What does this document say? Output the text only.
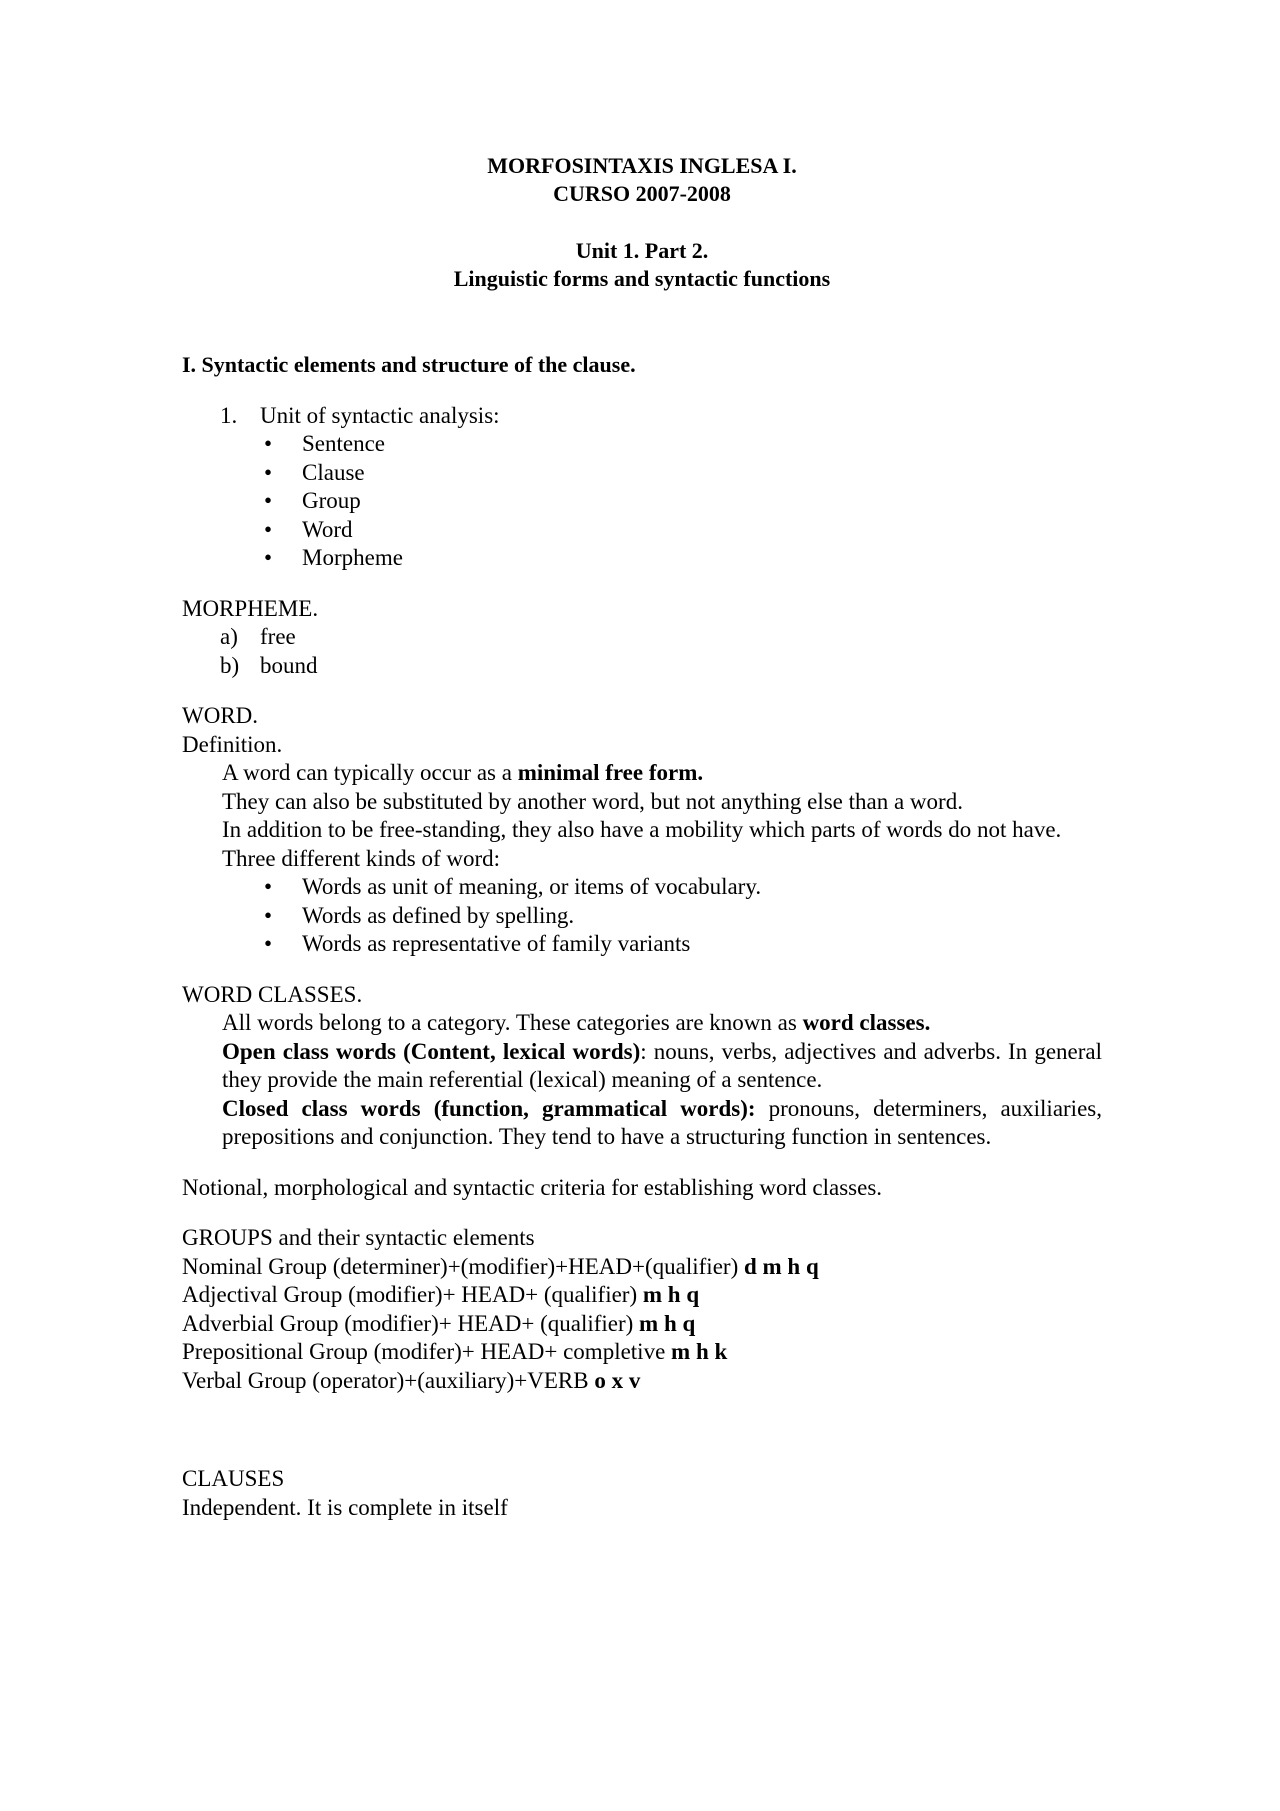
MORFOSINTAXIS INGLESA I.
CURSO 2007-2008
Unit 1. Part 2.
Linguistic forms and syntactic functions
I. Syntactic elements and structure of the clause.
1. Unit of syntactic analysis:
•	Sentence
•	Clause
•	Group
•	Word
•	Morpheme
MORPHEME.
a) free
b) bound
WORD.
Definition.
A word can typically occur as a minimal free form.
They can also be substituted by another word, but not anything else than a word.
In addition to be free-standing, they also have a mobility which parts of words do not have.
Three different kinds of word:
•	Words as unit of meaning, or items of vocabulary.
•	Words as defined by spelling.
•	Words as representative of family variants
WORD CLASSES.
All words belong to a category. These categories are known as word classes.
Open class words (Content, lexical words): nouns, verbs, adjectives and adverbs. In general they provide the main referential (lexical) meaning of a sentence.
Closed class words (function, grammatical words): pronouns, determiners, auxiliaries, prepositions and conjunction. They tend to have a structuring function in sentences.
Notional, morphological and syntactic criteria for establishing word classes.
GROUPS and their syntactic elements
Nominal Group (determiner)+(modifier)+HEAD+(qualifier) d m h q
Adjectival Group (modifier)+ HEAD+ (qualifier) m h q
Adverbial Group (modifier)+ HEAD+ (qualifier) m h q
Prepositional Group (modifer)+ HEAD+ completive m h k
Verbal Group (operator)+(auxiliary)+VERB o x v
CLAUSES
Independent. It is complete in itself
